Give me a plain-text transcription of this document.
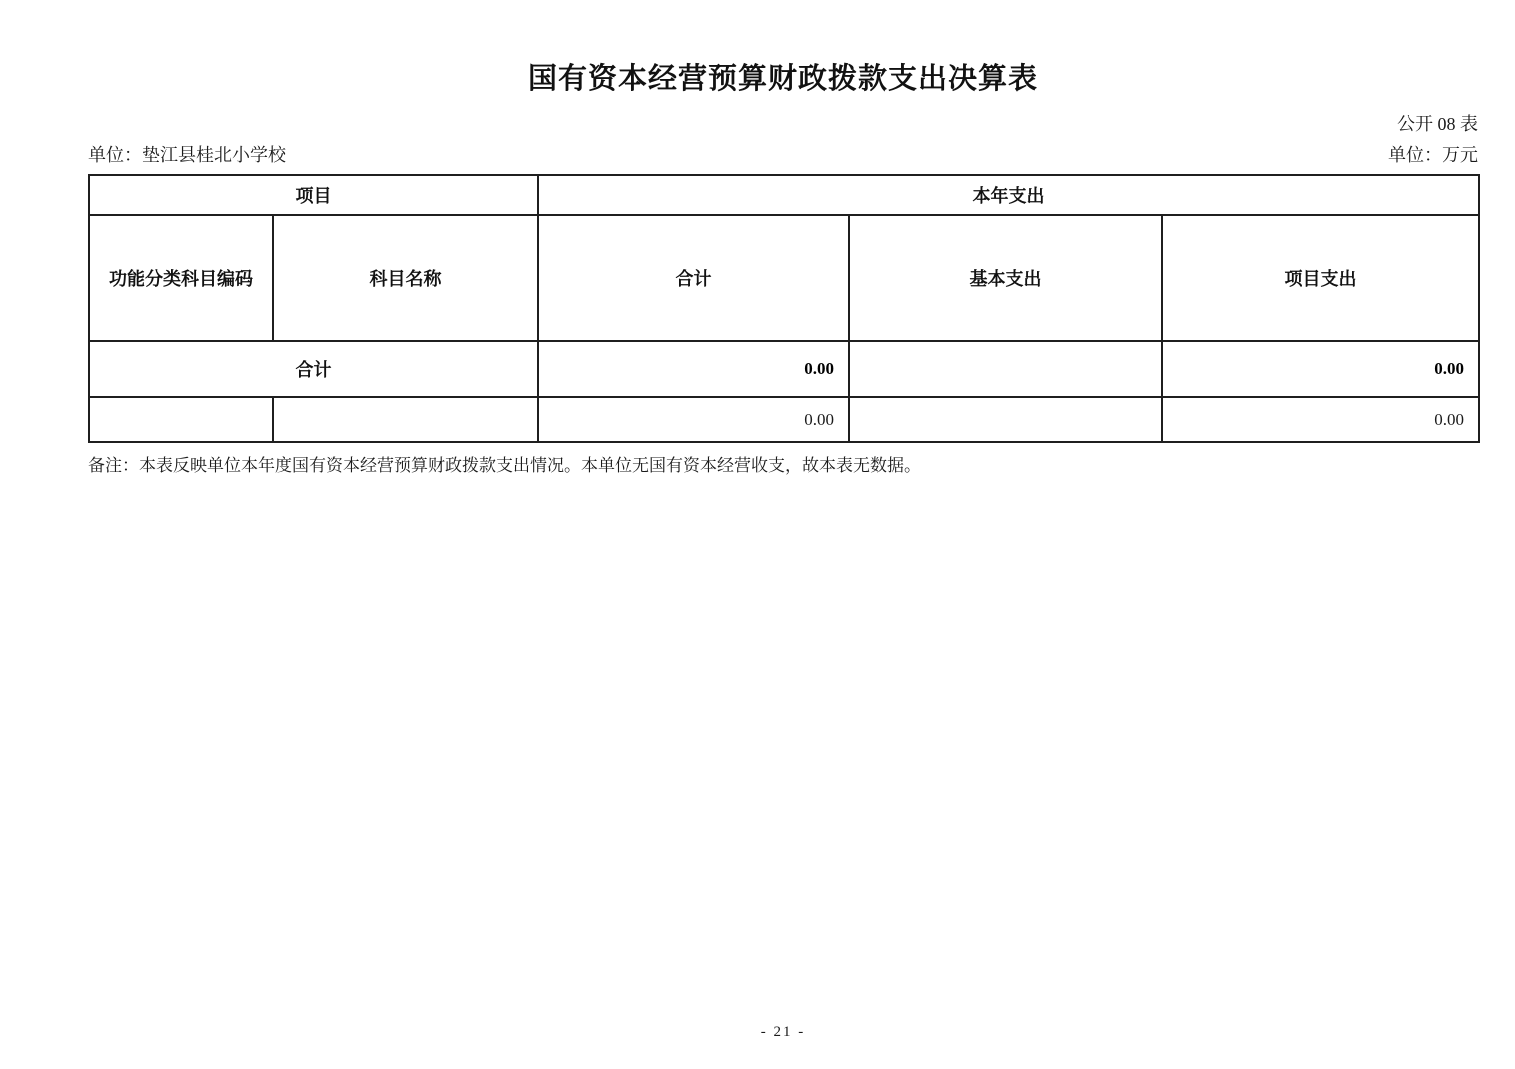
国有资本经营预算财政拨款支出决算表
公开 08 表
单位：垫江县桂北小学校	单位：万元
项目		本年支出		
功能分类科目编码	科目名称	合计	基本支出	项目支出
合计		0.00		0.00
		0.00		0.00
备注：本表反映单位本年度国有资本经营预算财政拨款支出情况。本单位无国有资本经营收支，故本表无数据。
- 21 -
